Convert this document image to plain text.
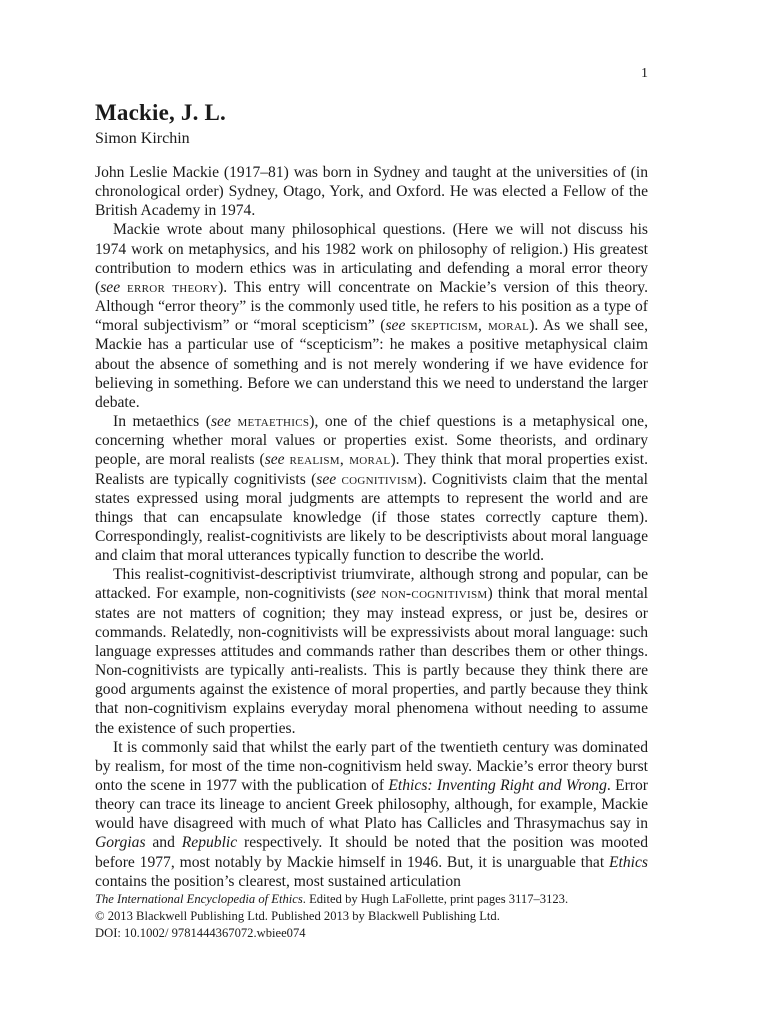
1
Mackie, J. L.

Simon Kirchin

John Leslie Mackie (1917–81) was born in Sydney and taught at the universities of (in chronological order) Sydney, Otago, York, and Oxford. He was elected a Fellow of the British Academy in 1974.

Mackie wrote about many philosophical questions. (Here we will not discuss his 1974 work on metaphysics, and his 1982 work on philosophy of religion.) His greatest contribution to modern ethics was in articulating and defending a moral error theory (see error theory). This entry will concentrate on Mackie’s version of this theory. Although “error theory” is the commonly used title, he refers to his position as a type of “moral subjectivism” or “moral scepticism” (see skepticism, moral). As we shall see, Mackie has a particular use of “scepticism”: he makes a positive metaphysical claim about the absence of something and is not merely wondering if we have evidence for believing in something. Before we can understand this we need to understand the larger debate.

In metaethics (see metaethics), one of the chief questions is a metaphysical one, concerning whether moral values or properties exist. Some theorists, and ordinary people, are moral realists (see realism, moral). They think that moral properties exist. Realists are typically cognitivists (see cognitivism). Cognitivists claim that the mental states expressed using moral judgments are attempts to represent the world and are things that can encapsulate knowledge (if those states correctly capture them). Correspondingly, realist-cognitivists are likely to be descriptivists about moral language and claim that moral utterances typically function to describe the world.

This realist-cognitivist-descriptivist triumvirate, although strong and popular, can be attacked. For example, non-cognitivists (see non-cognitivism) think that moral mental states are not matters of cognition; they may instead express, or just be, desires or commands. Relatedly, non-cognitivists will be expressivists about moral language: such language expresses attitudes and commands rather than describes them or other things. Non-cognitivists are typically anti-realists. This is partly because they think there are good arguments against the existence of moral properties, and partly because they think that non-cognitivism explains everyday moral phenomena without needing to assume the existence of such properties.

It is commonly said that whilst the early part of the twentieth century was dominated by realism, for most of the time non-cognitivism held sway. Mackie’s error theory burst onto the scene in 1977 with the publication of Ethics: Inventing Right and Wrong. Error theory can trace its lineage to ancient Greek philosophy, although, for example, Mackie would have disagreed with much of what Plato has Callicles and Thrasymachus say in Gorgias and Republic respectively. It should be noted that the position was mooted before 1977, most notably by Mackie himself in 1946. But, it is unarguable that Ethics contains the position’s clearest, most sustained articulation

The International Encyclopedia of Ethics. Edited by Hugh LaFollette, print pages 3117–3123.
© 2013 Blackwell Publishing Ltd. Published 2013 by Blackwell Publishing Ltd.
DOI: 10.1002/ 9781444367072.wbiee074
